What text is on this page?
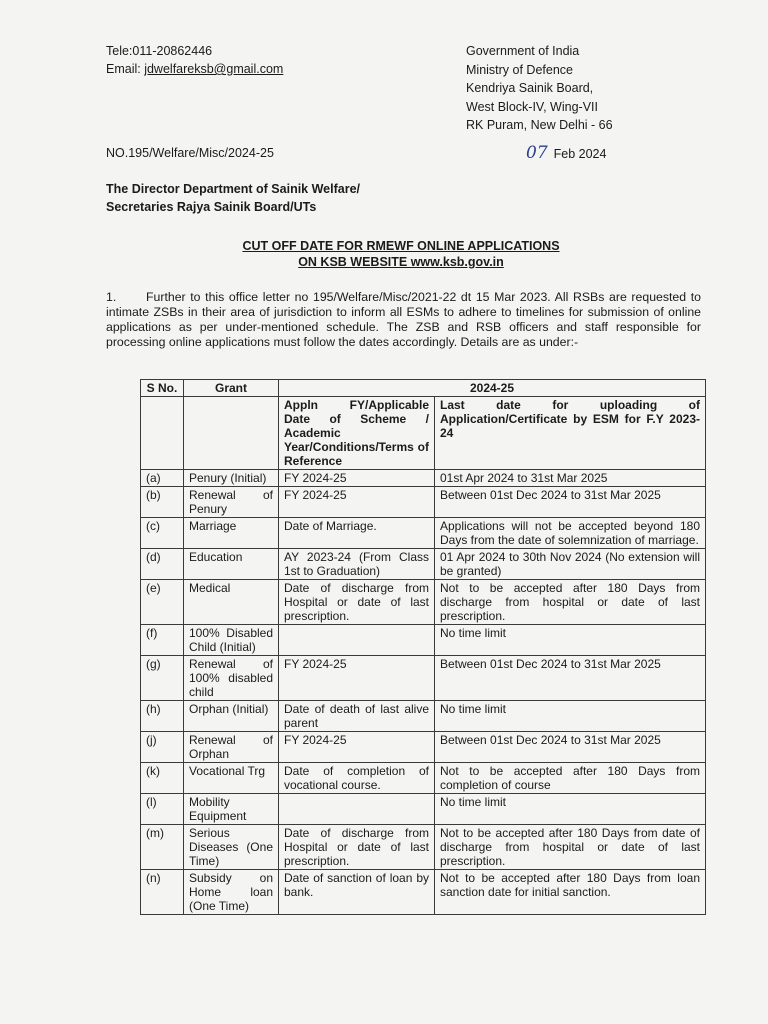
Tele:011-20862446
Email: jdwelfareksb@gmail.com
Government of India
Ministry of Defence
Kendriya Sainik Board,
West Block-IV, Wing-VII
RK Puram, New Delhi - 66
NO.195/Welfare/Misc/2024-25	07 Feb 2024
The Director Department of Sainik Welfare/
Secretaries Rajya Sainik Board/UTs
CUT OFF DATE FOR RMEWF ONLINE APPLICATIONS
ON KSB WEBSITE www.ksb.gov.in
1. Further to this office letter no 195/Welfare/Misc/2021-22 dt 15 Mar 2023. All RSBs are requested to intimate ZSBs in their area of jurisdiction to inform all ESMs to adhere to timelines for submission of online applications as per under-mentioned schedule. The ZSB and RSB officers and staff responsible for processing online applications must follow the dates accordingly. Details are as under:-
S No.	Grant	2024-25	
		Appln FY/Applicable Date of Scheme / Academic Year/Conditions/Terms of Reference	Last date for uploading of Application/Certificate by ESM for F.Y 2023-24
(a)	Penury (Initial)	FY 2024-25	01st Apr 2024 to 31st Mar 2025
(b)	Renewal of Penury	FY 2024-25	Between 01st Dec 2024 to 31st Mar 2025
(c)	Marriage	Date of Marriage.	Applications will not be accepted beyond 180 Days from the date of solemnization of marriage.
(d)	Education	AY 2023-24 (From Class 1st to Graduation)	01 Apr 2024 to 30th Nov 2024 (No extension will be granted)
(e)	Medical	Date of discharge from Hospital or date of last prescription.	Not to be accepted after 180 Days from discharge from hospital or date of last prescription.
(f)	100% Disabled Child (Initial)		No time limit
(g)	Renewal of 100% disabled child	FY 2024-25	Between 01st Dec 2024 to 31st Mar 2025
(h)	Orphan (Initial)	Date of death of last alive parent	No time limit
(j)	Renewal of Orphan	FY 2024-25	Between 01st Dec 2024 to 31st Mar 2025
(k)	Vocational Trg	Date of completion of vocational course.	Not to be accepted after 180 Days from completion of course
(l)	Mobility Equipment		No time limit
(m)	Serious Diseases (One Time)	Date of discharge from Hospital or date of last prescription.	Not to be accepted after 180 Days from date of discharge from hospital or date of last prescription.
(n)	Subsidy on Home loan (One Time)	Date of sanction of loan by bank.	Not to be accepted after 180 Days from loan sanction date for initial sanction.
